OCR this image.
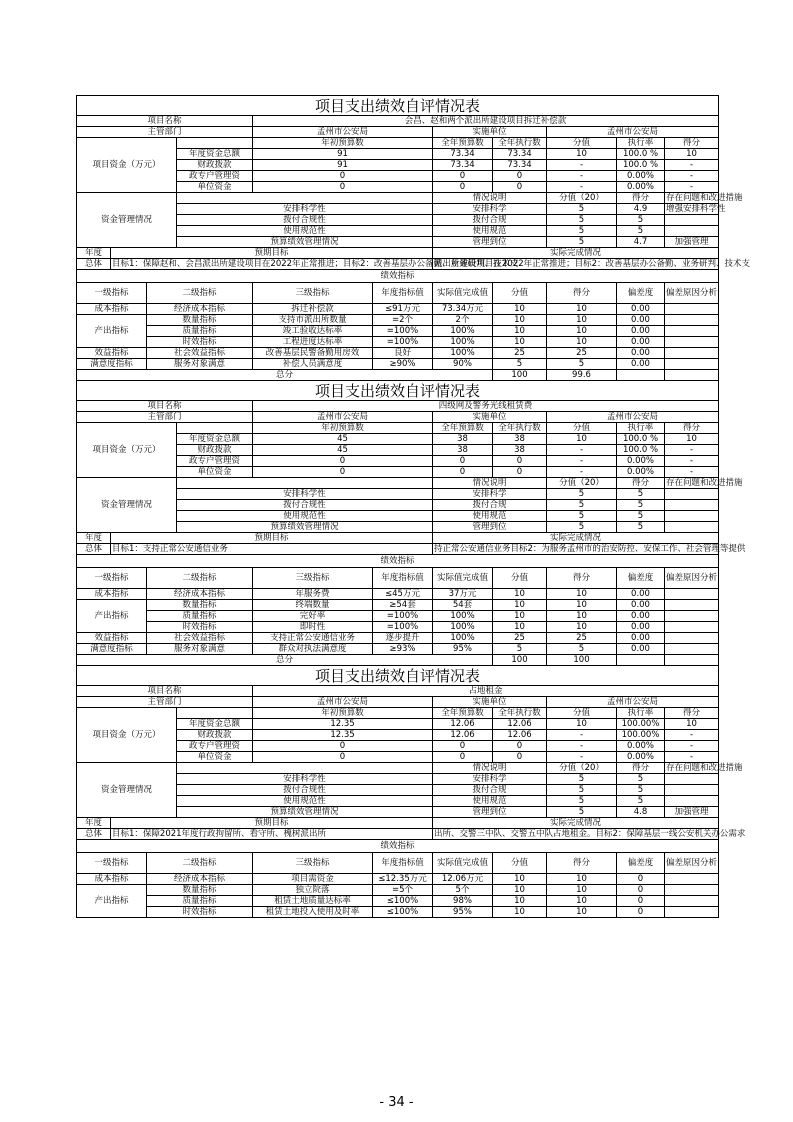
项目支出绩效自评情况表										
项目名称				会昌、赵和两个派出所建设项目拆迁补偿款						
主管部门				孟州市公安局		实施单位		孟州市公安局		
项目资金（万元）				年初预算数		全年预算数	全年执行数	分值	执行率	得分
			年度资金总额	91		73.34	73.34	10	100.0 %	10
			财政拨款	91		73.34	73.34	-	100.0 %	-
			政专户管理资	0		0	0	-	0.00%	-
			单位资金	0		0	0	-	0.00%	-
资金管理情况						情况说明		分值（20）	得分	存在问题和改进措施
			安排科学性			安排科学		5	4.9	增强安排科学性
			拨付合规性			拨付合规		5	5	
			使用规范性			使用规范		5	5	
			预算绩效管理情况			管理到位		5	4.7	加强管理
年度	预期目标					实际完成情况				
总体	目标1：保障赵和、会昌派出所建设项目在2022年正常推进；目标2：改善基层办公备勤、业务研判、技术支					派出所建设项目在2022年正常推进；目标2：改善基层办公备勤、业务研判、技术支				
绩效指标										
一级指标		二级指标		三级指标	年度指标值	实际值完成值	分值	得分	偏差度	偏差原因分析
成本指标		经济成本指标		拆迁补偿款	≤91万元	73.34万元	10	10	0.00	
产出指标		数量指标		支持市派出所数量	=2个	2个	10	10	0.00	
		质量指标		竣工验收达标率	=100%	100%	10	10	0.00	
		时效指标		工程进度达标率	=100%	100%	10	10	0.00	
效益指标		社会效益指标		改善基层民警备勤用房效	良好	100%	25	25	0.00	
满意度指标		服务对象满意		补偿人员满意度	≥90%	90%	5	5	0.00	
总分							100	99.6		
项目支出绩效自评情况表										
项目名称				四级网及警务光线租赁费						
主管部门				孟州市公安局		实施单位		孟州市公安局		
项目资金（万元）				年初预算数		全年预算数	全年执行数	分值	执行率	得分
			年度资金总额	45		38	38	10	100.0 %	10
			财政拨款	45		38	38	-	100.0 %	-
			政专户管理资	0		0	0	-	0.00%	-
			单位资金	0		0	0	-	0.00%	-
资金管理情况						情况说明		分值（20）	得分	存在问题和改进措施
			安排科学性			安排科学		5	5	
			拨付合规性			拨付合规		5	5	
			使用规范性			使用规范		5	5	
			预算绩效管理情况			管理到位		5	5	
年度	预期目标					实际完成情况				
总体	目标1：支持正常公安通信业务					持正常公安通信业务目标2：为服务孟州市的治安防控、安保工作、社会管理等提供				
绩效指标										
一级指标		二级指标		三级指标	年度指标值	实际值完成值	分值	得分	偏差度	偏差原因分析
成本指标		经济成本指标		年服务费	≤45万元	37万元	10	10	0.00	
产出指标		数量指标		终端数量	≥54套	54套	10	10	0.00	
		质量指标		完好率	=100%	100%	10	10	0.00	
		时效指标		即时性	=100%	100%	10	10	0.00	
效益指标		社会效益指标		支持正常公安通信业务	逐步提升	100%	25	25	0.00	
满意度指标		服务对象满意		群众对执法满意度	≥93%	95%	5	5	0.00	
总分							100	100		
项目支出绩效自评情况表										
项目名称				占地租金						
主管部门				孟州市公安局		实施单位		孟州市公安局		
项目资金（万元）				年初预算数		全年预算数	全年执行数	分值	执行率	得分
			年度资金总额	12.35		12.06	12.06	10	100.00%	10
			财政拨款	12.35		12.06	12.06	-	100.00%	-
			政专户管理资	0		0	0	-	0.00%	-
			单位资金	0		0	0	-	0.00%	-
资金管理情况						情况说明		分值（20）	得分	存在问题和改进措施
			安排科学性			安排科学		5	5	
			拨付合规性			拨付合规		5	5	
			使用规范性			使用规范		5	5	
			预算绩效管理情况			管理到位		5	4.8	加强管理
年度	预期目标					实际完成情况				
总体	目标1：保障2021年度行政拘留所、看守所、槐树派出所					出所、交警三中队、交警五中队占地租金。目标2：保障基层一线公安机关办公需求				
绩效指标										
一级指标		二级指标		三级指标	年度指标值	实际值完成值	分值	得分	偏差度	偏差原因分析
成本指标		经济成本指标		项目需资金	≤12.35万元	12.06万元	10	10	0	
产出指标		数量指标		独立院落	=5个	5个	10	10	0	
		质量指标		租赁土地质量达标率	≤100%	98%	10	10	0	
		时效指标		租赁土地投入使用及时率	≤100%	95%	10	10	0	
- 34 -
